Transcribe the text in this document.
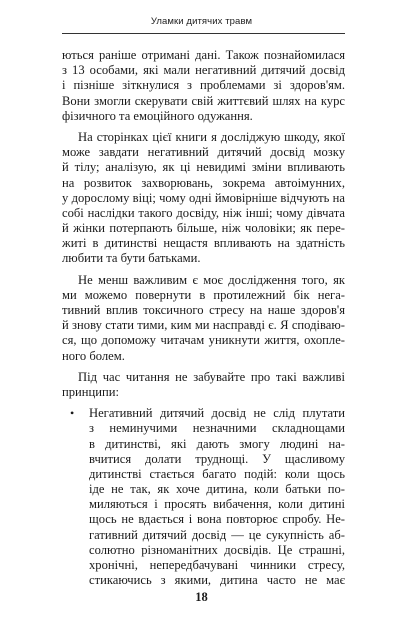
Уламки дитячих травм
ються раніше отримані дані. Також познайомилася
з 13 особами, які мали негативний дитячий досвід
і пізніше зіткнулися з проблемами зі здоров'ям.
Вони змогли скерувати свій життєвий шлях на курс
фізичного та емоційного одужання.
На сторінках цієї книги я досліджую шкоду, якої
може завдати негативний дитячий досвід мозку
й тілу; аналізую, як ці невидимі зміни впливають
на розвиток захворювань, зокрема автоімунних,
у дорослому віці; чому одні ймовірніше відчують на
собі наслідки такого досвіду, ніж інші; чому дівчата
й жінки потерпають більше, ніж чоловіки; як пере-
житі в дитинстві нещастя впливають на здатність
любити та бути батьками.
Не менш важливим є моє дослідження того, як
ми можемо повернути в протилежний бік негa-
тивний вплив токсичного стресу на наше здоров'я
й знову стати тими, ким ми насправді є. Я сподіваю-
ся, що допоможу читачам уникнути життя, охопле-
ного болем.
Під час читання не забувайте про такі важливі
принципи:
• Негативний дитячий досвід не слід плутати
з неминучими незначними складнощами
в дитинстві, які дають змогу людині на-
вчитися долати труднощі. У щасливому
дитинстві стається багато подій: коли щось
іде не так, як хоче дитина, коли батьки по-
миляються і просять вибачення, коли дитині
щось не вдається і вона повторює спробу. Не-
гативний дитячий досвід — це сукупність аб-
солютно різноманітних досвідів. Це страшні,
хронічні, непередбачувані чинники стресу,
стикаючись з якими, дитина часто не має
18
